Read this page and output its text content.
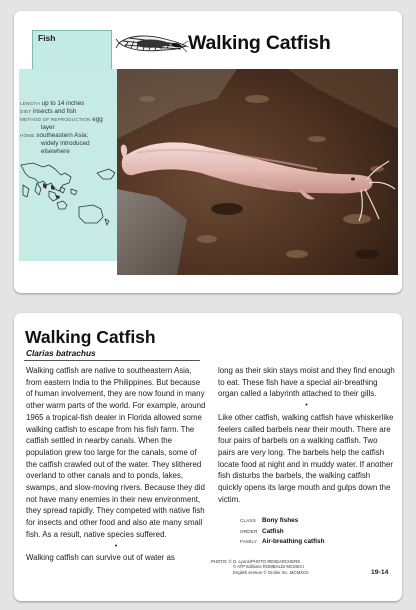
Fish	Walking Catfish
LENGTH up to 14 inches
DIET insects and fish
METHOD OF REPRODUCTION egg
layer
HOME southeastern Asia;
widely introduced
elsewhere
Walking Catfish
Clarias batrachus

Walking catfish are native to southeastern Asia, from eastern India to the Philippines. But because of human involvement, they are now found in many other warm parts of the world. For example, around 1965 a tropical-fish dealer in Florida allowed some walking catfish to escape from his fish farm. The catfish settled in nearby canals. When the population grew too large for the canals, some of the catfish crawled out of the water. They slithered overland to other canals and to ponds, lakes, swamps, and slow-moving rivers. Because they did not have many enemies in their new environment, they spread rapidly. They competed with native fish for insects and other food and also ate many small fish. As a result, native species suffered.

•

Walking catfish can survive out of water as

long as their skin stays moist and they find enough to eat. These fish have a special air-breathing organ called a labyrinth attached to their gills.

•

Like other catfish, walking catfish have whiskerlike feelers called barbels near their mouth. There are four pairs of barbels on a walking catfish. Two pairs are very long. The barbels help the catfish locate food at night and in muddy water. If another fish disturbs the barbels, the walking catfish quickly opens its large mouth and gulps down the victim.

CLASS Bony fishes
ORDER Catfish
FAMILY Air-breathing catfish
PHOTO: © D. Lyons/PHOTO RESEARCHERS
© ATP Editions ROMBALDI MCMXCI
English version © Grolier Inc. MCMXCII	19-14
